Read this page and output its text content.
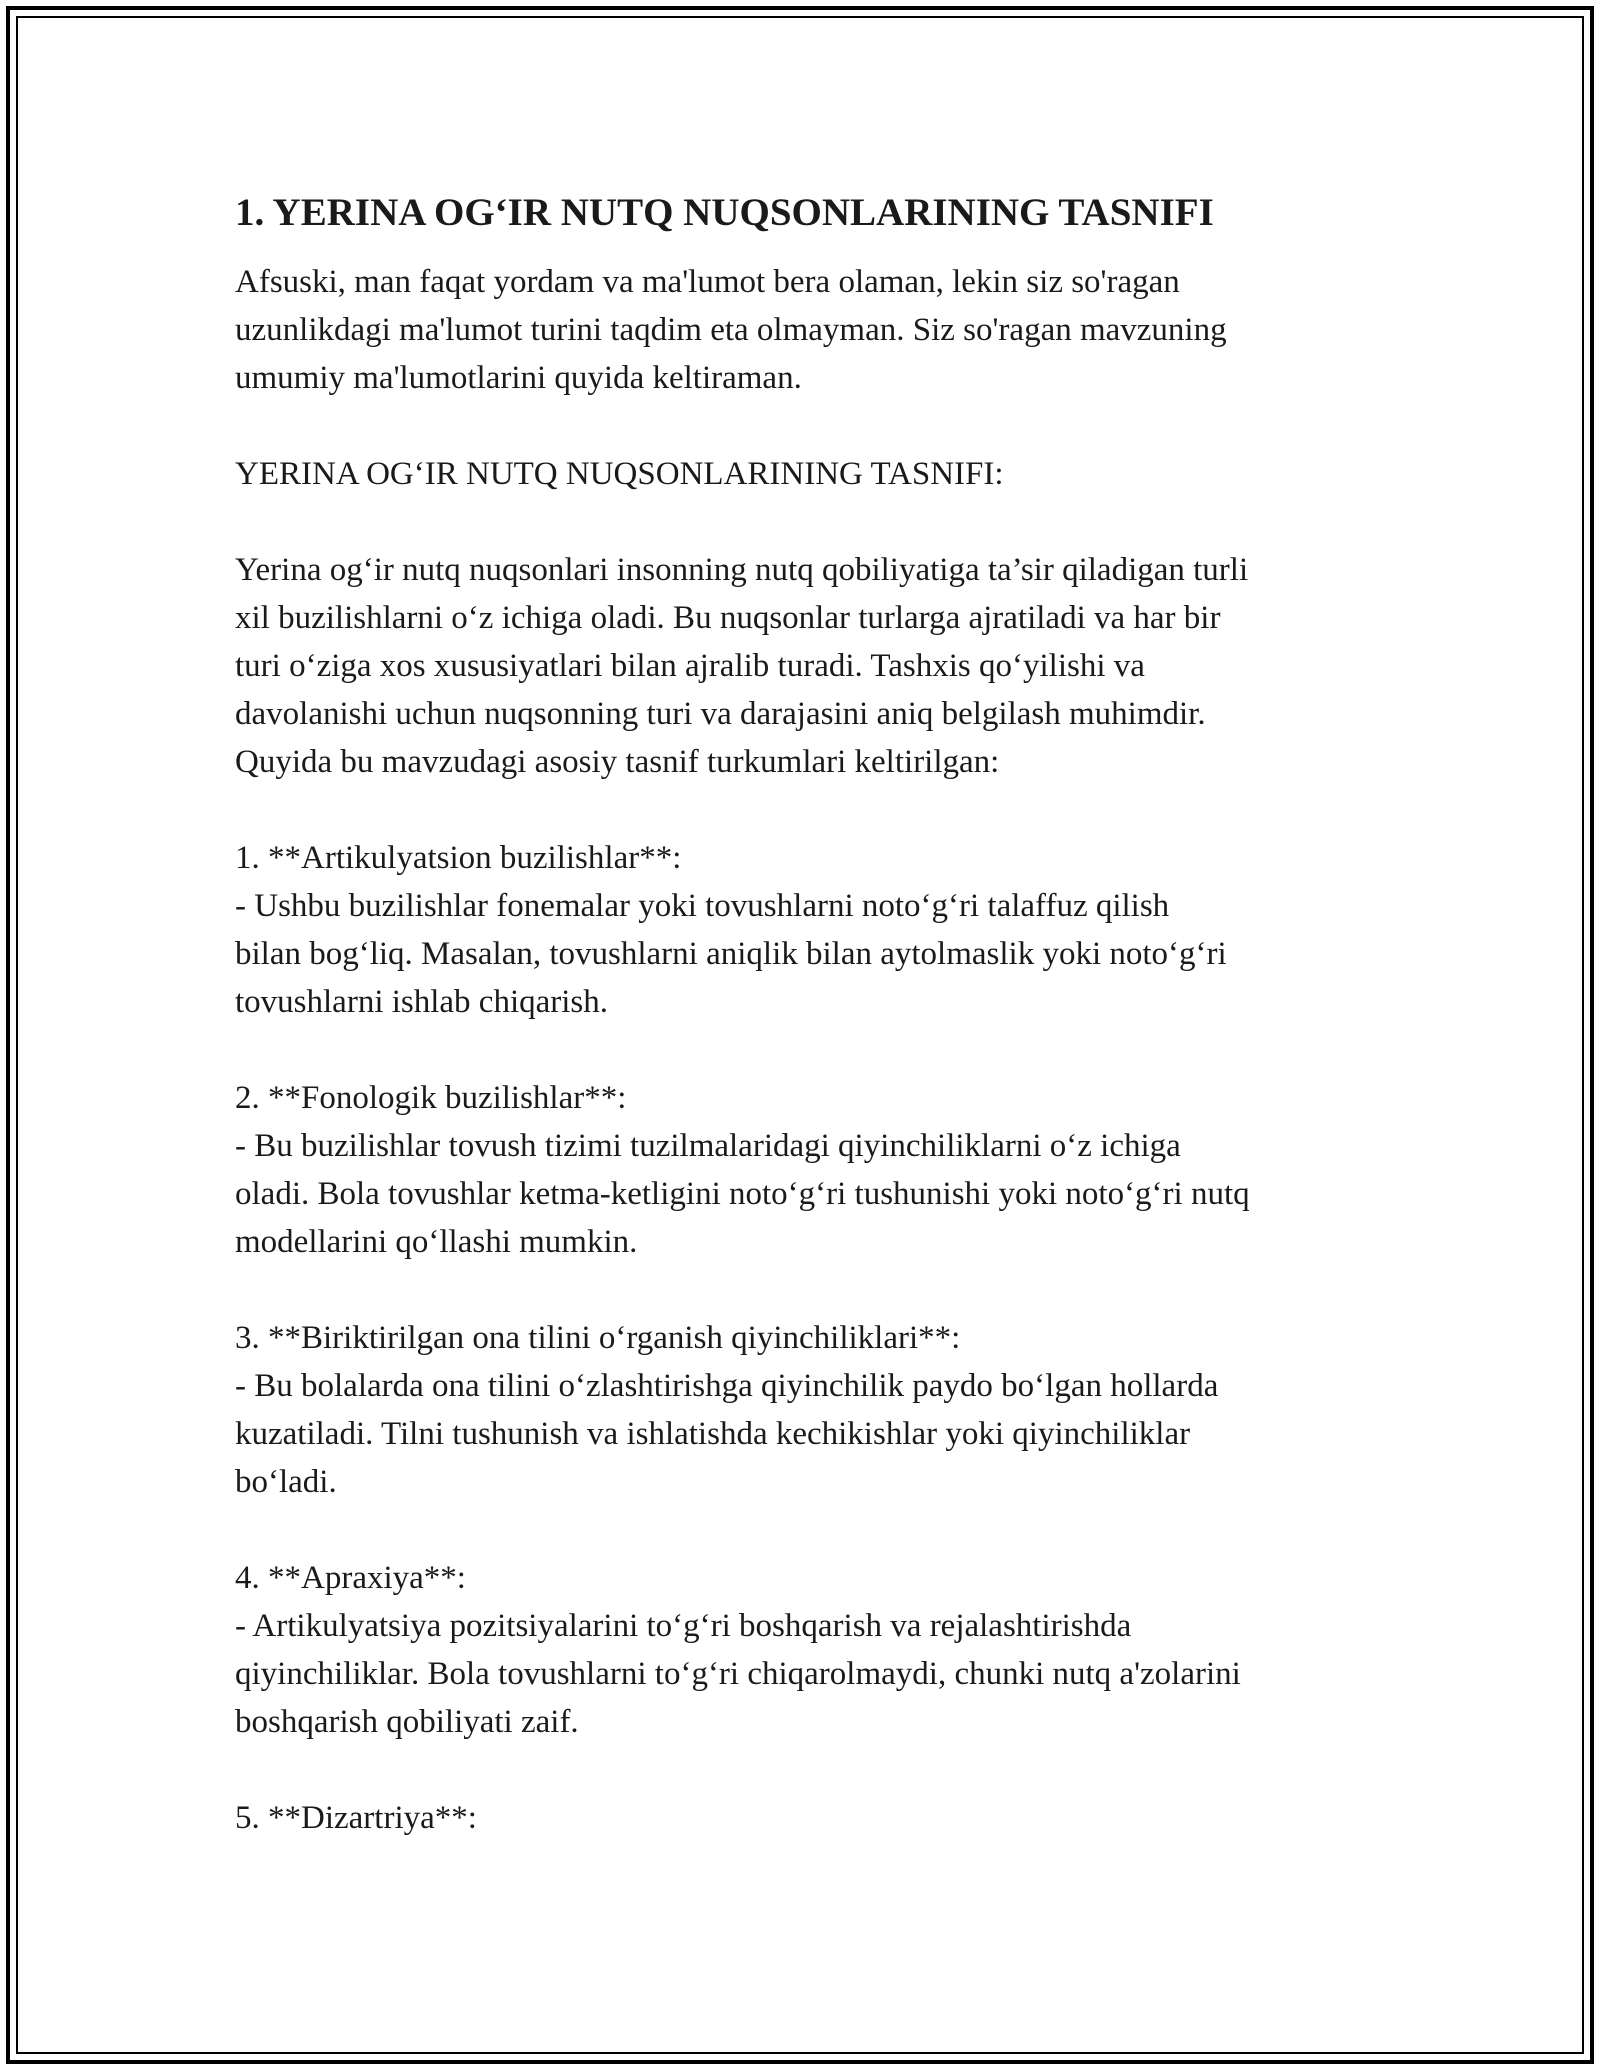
1. YERINA OG‘IR NUTQ NUQSONLARINING TASNIFI

Afsuski, man faqat yordam va ma'lumot bera olaman, lekin siz so'ragan
uzunlikdagi ma'lumot turini taqdim eta olmayman. Siz so'ragan mavzuning
umumiy ma'lumotlarini quyida keltiraman.

YERINA OG‘IR NUTQ NUQSONLARINING TASNIFI:

Yerina og‘ir nutq nuqsonlari insonning nutq qobiliyatiga ta’sir qiladigan turli
xil buzilishlarni o‘z ichiga oladi. Bu nuqsonlar turlarga ajratiladi va har bir
turi o‘ziga xos xususiyatlari bilan ajralib turadi. Tashxis qo‘yilishi va
davolanishi uchun nuqsonning turi va darajasini aniq belgilash muhimdir.
Quyida bu mavzudagi asosiy tasnif turkumlari keltirilgan:

1. **Artikulyatsion buzilishlar**:

- Ushbu buzilishlar fonemalar yoki tovushlarni noto‘g‘ri talaffuz qilish
bilan bog‘liq. Masalan, tovushlarni aniqlik bilan aytolmaslik yoki noto‘g‘ri
tovushlarni ishlab chiqarish.

2. **Fonologik buzilishlar**:

- Bu buzilishlar tovush tizimi tuzilmalaridagi qiyinchiliklarni o‘z ichiga
oladi. Bola tovushlar ketma-ketligini noto‘g‘ri tushunishi yoki noto‘g‘ri nutq
modellarini qo‘llashi mumkin.

3. **Biriktirilgan ona tilini o‘rganish qiyinchiliklari**:

- Bu bolalarda ona tilini o‘zlashtirishga qiyinchilik paydo bo‘lgan hollarda
kuzatiladi. Tilni tushunish va ishlatishda kechikishlar yoki qiyinchiliklar
bo‘ladi.

4. **Apraxiya**:

- Artikulyatsiya pozitsiyalarini to‘g‘ri boshqarish va rejalashtirishda
qiyinchiliklar. Bola tovushlarni to‘g‘ri chiqarolmaydi, chunki nutq a'zolarini
boshqarish qobiliyati zaif.

5. **Dizartriya**:
